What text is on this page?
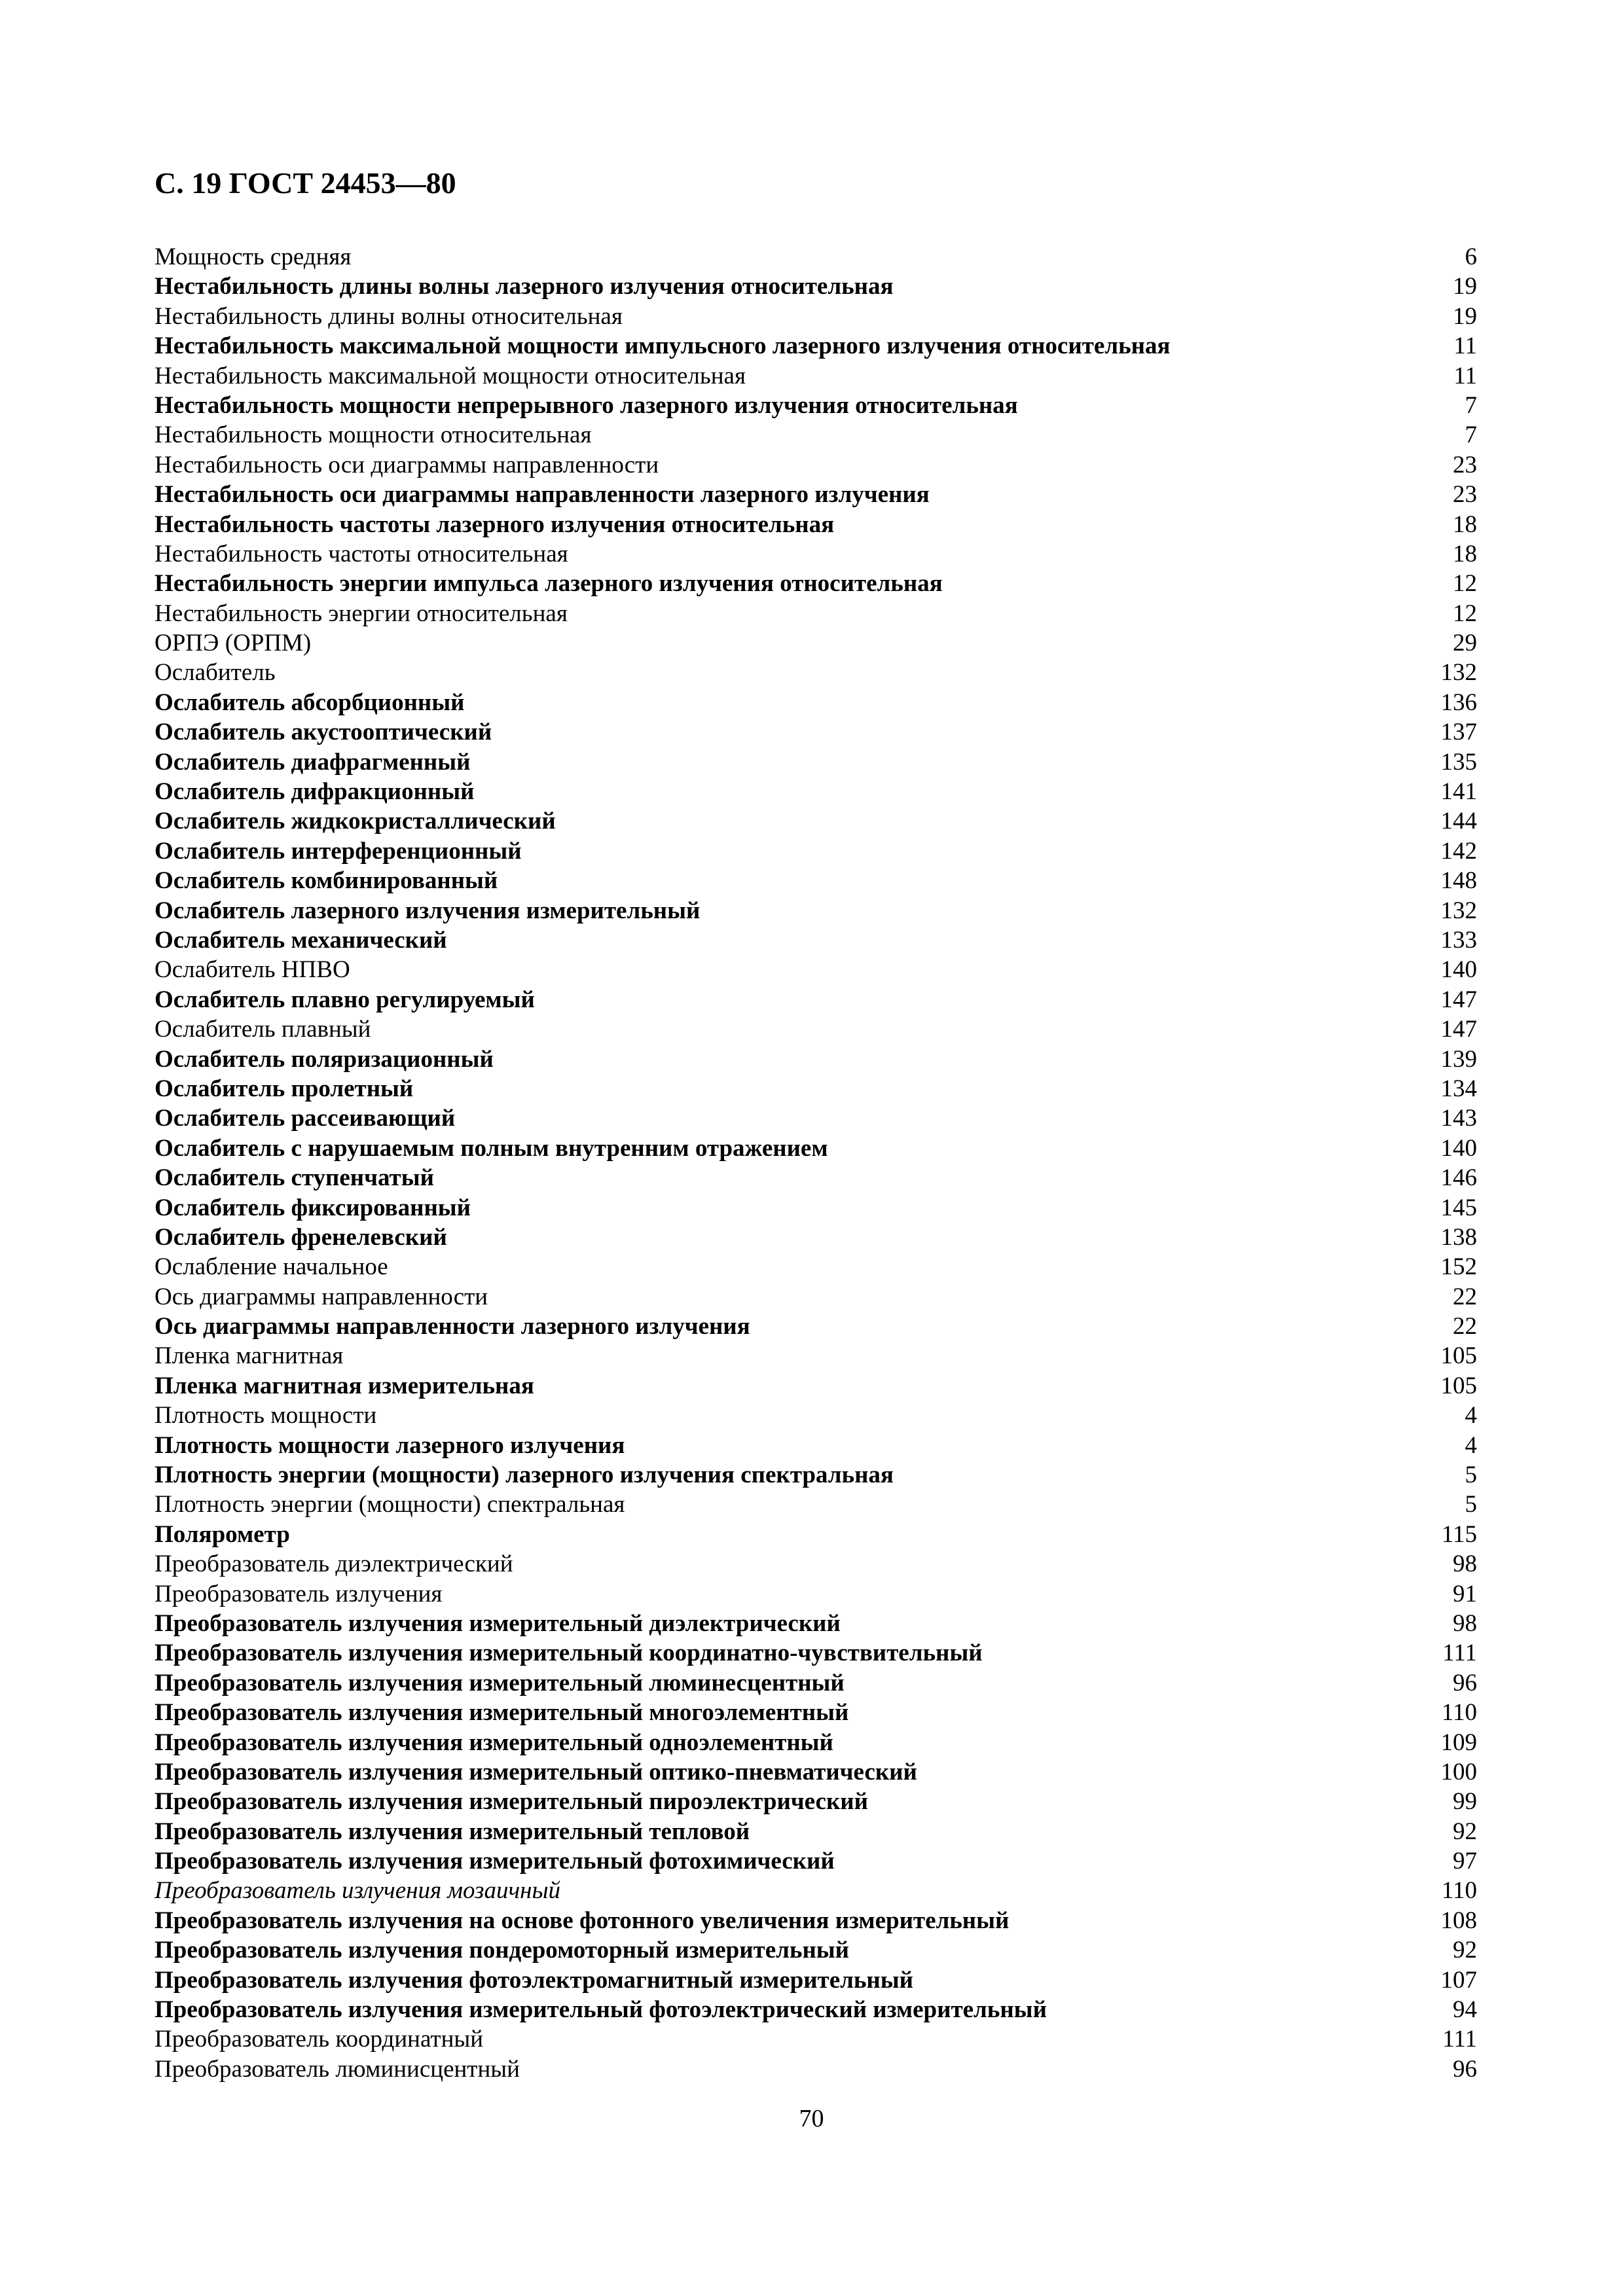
С. 19 ГОСТ 24453—80
Мощность средняя	6
Нестабильность длины волны лазерного излучения относительная	19
Нестабильность длины волны относительная	19
Нестабильность максимальной мощности импульсного лазерного излучения относительная	11
Нестабильность максимальной мощности относительная	11
Нестабильность мощности непрерывного лазерного излучения относительная	7
Нестабильность мощности относительная	7
Нестабильность оси диаграммы направленности	23
Нестабильность оси диаграммы направленности лазерного излучения	23
Нестабильность частоты лазерного излучения относительная	18
Нестабильность частоты относительная	18
Нестабильность энергии импульса лазерного излучения относительная	12
Нестабильность энергии относительная	12
ОРПЭ (ОРПМ)	29
Ослабитель	132
Ослабитель абсорбционный	136
Ослабитель акустооптический	137
Ослабитель диафрагменный	135
Ослабитель дифракционный	141
Ослабитель жидкокристаллический	144
Ослабитель интерференционный	142
Ослабитель комбинированный	148
Ослабитель лазерного излучения измерительный	132
Ослабитель механический	133
Ослабитель НПВО	140
Ослабитель плавно регулируемый	147
Ослабитель плавный	147
Ослабитель поляризационный	139
Ослабитель пролетный	134
Ослабитель рассеивающий	143
Ослабитель с нарушаемым полным внутренним отражением	140
Ослабитель ступенчатый	146
Ослабитель фиксированный	145
Ослабитель френелевский	138
Ослабление начальное	152
Ось диаграммы направленности	22
Ось диаграммы направленности лазерного излучения	22
Пленка магнитная	105
Пленка магнитная измерительная	105
Плотность мощности	4
Плотность мощности лазерного излучения	4
Плотность энергии (мощности) лазерного излучения спектральная	5
Плотность энергии (мощности) спектральная	5
Поляромeтр	115
Преобразователь диэлектрический	98
Преобразователь излучения	91
Преобразователь излучения измерительный диэлектрический	98
Преобразователь излучения измерительный координатно-чувствительный	111
Преобразователь излучения измерительный люминесцентный	96
Преобразователь излучения измерительный многоэлементный	110
Преобразователь излучения измерительный одноэлементный	109
Преобразователь излучения измерительный оптико-пневматический	100
Преобразователь излучения измерительный пироэлектрический	99
Преобразователь излучения измерительный тепловой	92
Преобразователь излучения измерительный фотохимический	97
Преобразователь излучения мозаичный	110
Преобразователь излучения на основе фотонного увеличения измерительный	108
Преобразователь излучения пондеромоторный измерительный	92
Преобразователь излучения фотоэлектромагнитный измерительный	107
Преобразователь излучения измерительный фотоэлектрический измерительный	94
Преобразователь координатный	111
Преобразователь люминисцентный	96
70
